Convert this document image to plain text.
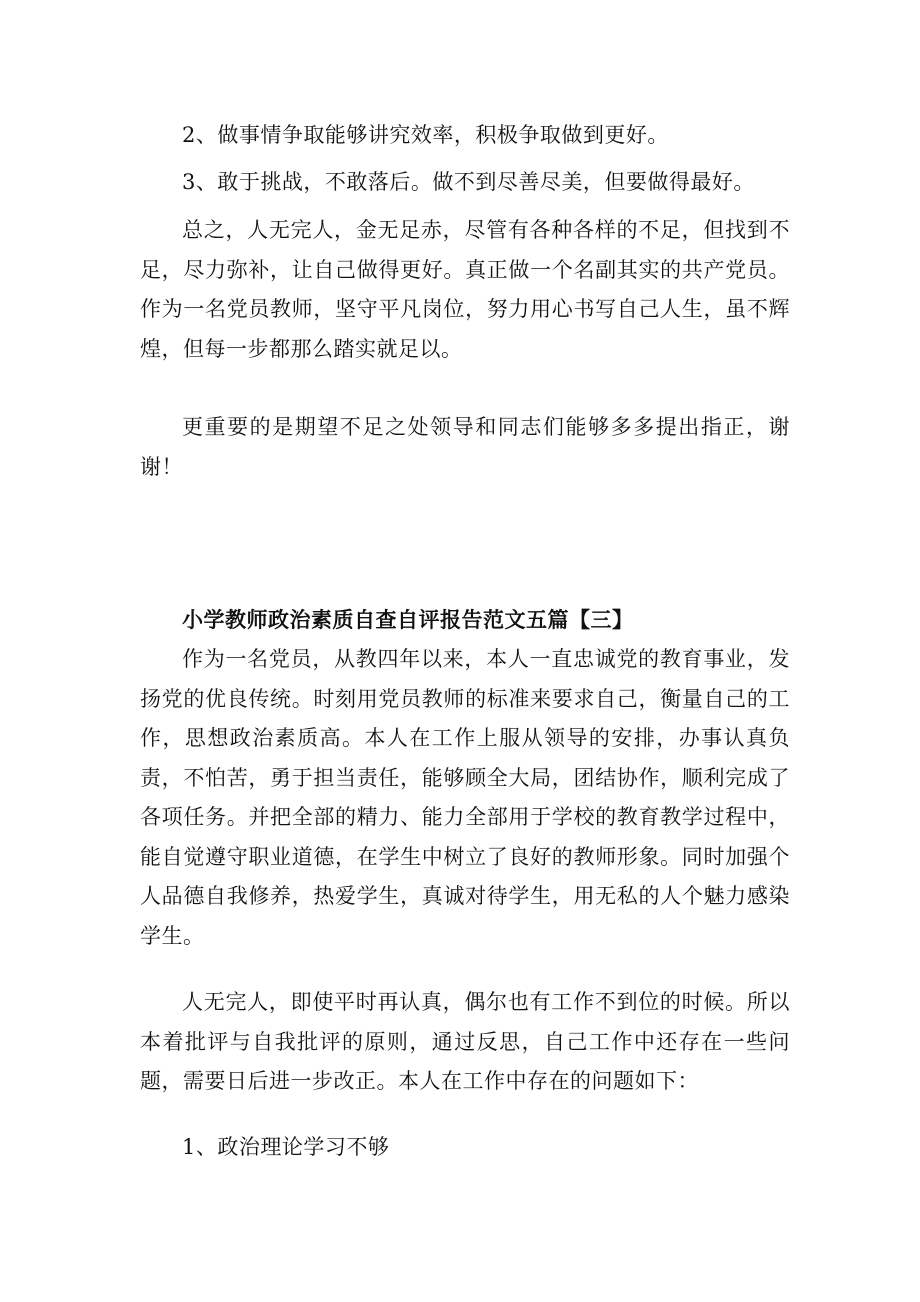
2、做事情争取能够讲究效率，积极争取做到更好。

3、敢于挑战，不敢落后。做不到尽善尽美，但要做得最好。

总之，人无完人，金无足赤，尽管有各种各样的不足，但找到不足，尽力弥补，让自己做得更好。真正做一个名副其实的共产党员。作为一名党员教师，坚守平凡岗位，努力用心书写自己人生，虽不辉煌，但每一步都那么踏实就足以。

更重要的是期望不足之处领导和同志们能够多多提出指正，谢谢！

小学教师政治素质自查自评报告范文五篇【三】

作为一名党员，从教四年以来，本人一直忠诚党的教育事业，发扬党的优良传统。时刻用党员教师的标准来要求自己，衡量自己的工作，思想政治素质高。本人在工作上服从领导的安排，办事认真负责，不怕苦，勇于担当责任，能够顾全大局，团结协作，顺利完成了各项任务。并把全部的精力、能力全部用于学校的教育教学过程中，能自觉遵守职业道德，在学生中树立了良好的教师形象。同时加强个人品德自我修养，热爱学生，真诚对待学生，用无私的人个魅力感染学生。

人无完人，即使平时再认真，偶尔也有工作不到位的时候。所以本着批评与自我批评的原则，通过反思，自己工作中还存在一些问题，需要日后进一步改正。本人在工作中存在的问题如下：

1、政治理论学习不够
